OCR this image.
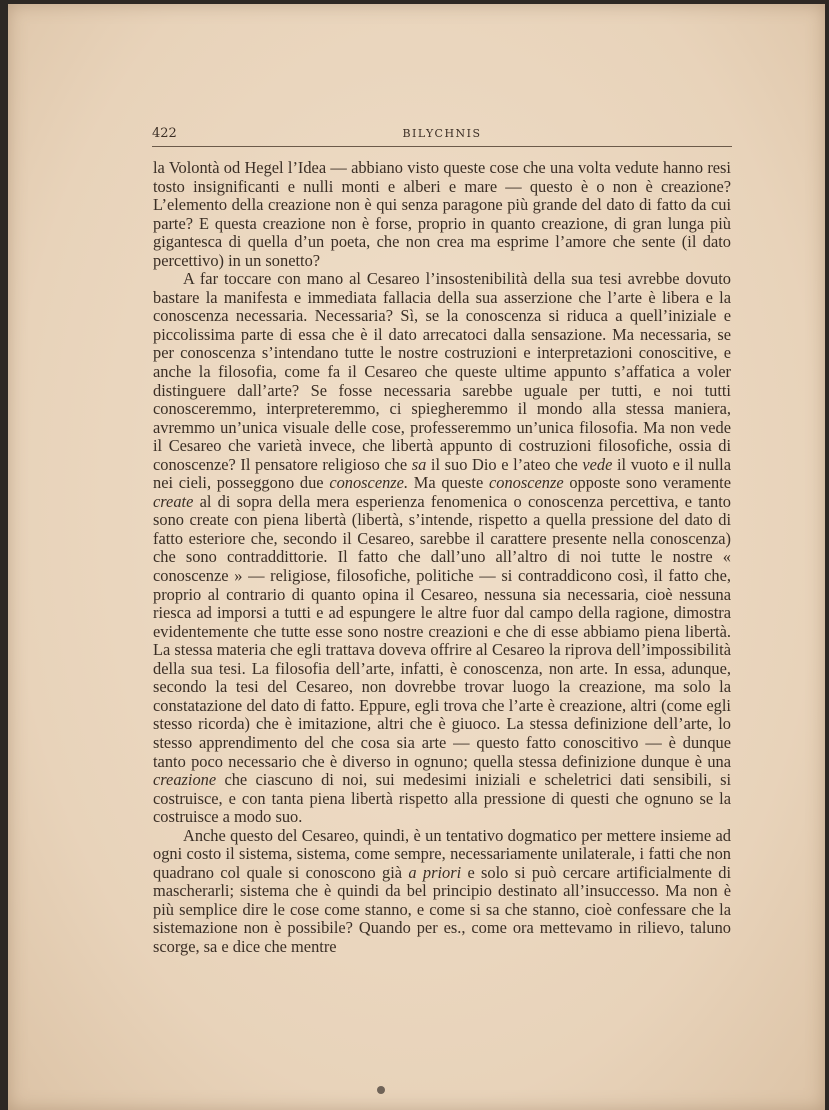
422	BILYCHNIS

la Volontà od Hegel l’Idea — abbiano visto queste cose che una volta vedute hanno resi tosto insignificanti e nulli monti e alberi e mare — questo è o non è creazione? L’elemento della creazione non è qui senza paragone più grande del dato di fatto da cui parte? E questa creazione non è forse, proprio in quanto creazione, di gran lunga più gigantesca di quella d’un poeta, che non crea ma esprime l’amore che sente (il dato percettivo) in un sonetto?

A far toccare con mano al Cesareo l’insostenibilità della sua tesi avrebbe dovuto bastare la manifesta e immediata fallacia della sua asserzione che l’arte è libera e la conoscenza necessaria. Necessaria? Sì, se la conoscenza si riduca a quell’iniziale e piccolissima parte di essa che è il dato arrecatoci dalla sensazione. Ma necessaria, se per conoscenza s’intendano tutte le nostre costruzioni e interpretazioni conoscitive, e anche la filosofia, come fa il Cesareo che queste ultime appunto s’affatica a voler distinguere dall’arte? Se fosse necessaria sarebbe uguale per tutti, e noi tutti conosceremmo, interpreteremmo, ci spiegheremmo il mondo alla stessa maniera, avremmo un’unica visuale delle cose, professeremmo un’unica filosofia. Ma non vede il Cesareo che varietà invece, che libertà appunto di costruzioni filosofiche, ossia di conoscenze? Il pensatore religioso che sa il suo Dio e l’ateo che vede il vuoto e il nulla nei cieli, posseggono due conoscenze. Ma queste conoscenze opposte sono veramente create al di sopra della mera esperienza fenomenica o conoscenza percettiva, e tanto sono create con piena libertà (libertà, s’intende, rispetto a quella pressione del dato di fatto esteriore che, secondo il Cesareo, sarebbe il carattere presente nella conoscenza) che sono contraddittorie. Il fatto che dall’uno all’altro di noi tutte le nostre « conoscenze » — religiose, filosofiche, politiche — si contraddicono così, il fatto che, proprio al contrario di quanto opina il Cesareo, nessuna sia necessaria, cioè nessuna riesca ad imporsi a tutti e ad espungere le altre fuor dal campo della ragione, dimostra evidentemente che tutte esse sono nostre creazioni e che di esse abbiamo piena libertà. La stessa materia che egli trattava doveva offrire al Cesareo la riprova dell’impossibilità della sua tesi. La filosofia dell’arte, infatti, è conoscenza, non arte. In essa, adunque, secondo la tesi del Cesareo, non dovrebbe trovar luogo la creazione, ma solo la constatazione del dato di fatto. Eppure, egli trova che l’arte è creazione, altri (come egli stesso ricorda) che è imitazione, altri che è giuoco. La stessa definizione dell’arte, lo stesso apprendimento del che cosa sia arte — questo fatto conoscitivo — è dunque tanto poco necessario che è diverso in ognuno; quella stessa definizione dunque è una creazione che ciascuno di noi, sui medesimi iniziali e scheletrici dati sensibili, si costruisce, e con tanta piena libertà rispetto alla pressione di questi che ognuno se la costruisce a modo suo.

Anche questo del Cesareo, quindi, è un tentativo dogmatico per mettere insieme ad ogni costo il sistema, sistema, come sempre, necessariamente unilaterale, i fatti che non quadrano col quale si conoscono già a priori e solo si può cercare artificialmente di mascherarli; sistema che è quindi da bel principio destinato all’insuccesso. Ma non è più semplice dire le cose come stanno, e come si sa che stanno, cioè confessare che la sistemazione non è possibile? Quando per es., come ora mettevamo in rilievo, taluno scorge, sa e dice che mentre
